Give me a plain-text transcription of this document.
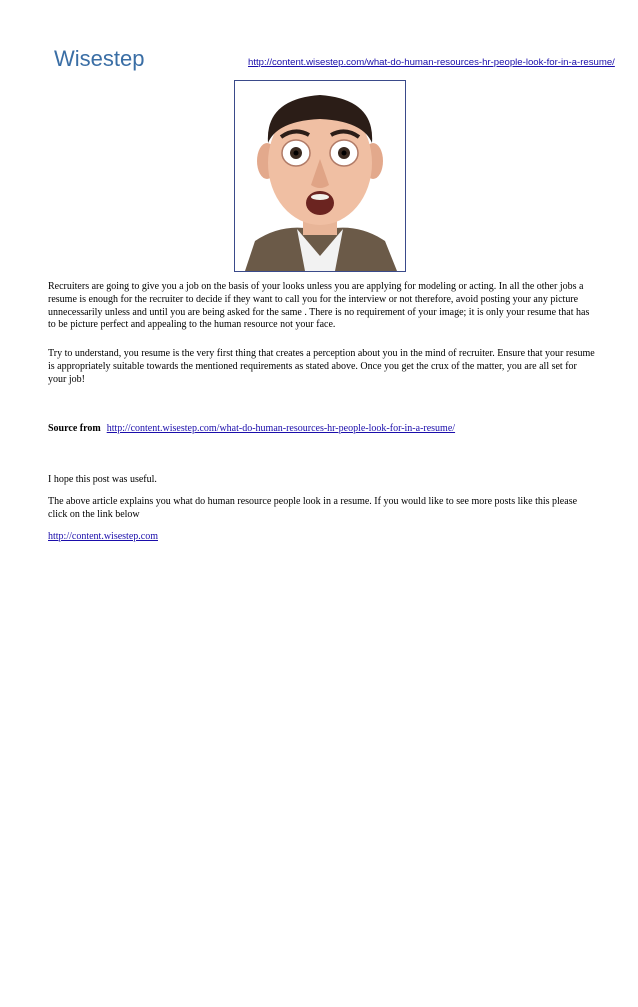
Wisestep	http://content.wisestep.com/what-do-human-resources-hr-people-look-for-in-a-resume/

Recruiters are going to give you a job on the basis of your looks unless you are applying for modeling or acting. In all the other jobs a resume is enough for the recruiter to decide if they want to call you for the interview or not therefore, avoid posting your any picture unnecessarily unless and until you are being asked for the same . There is no requirement of your image; it is only your resume that has to be picture perfect and appealing to the human resource not your face.

Try to understand, you resume is the very first thing that creates a perception about you in the mind of recruiter. Ensure that your resume is appropriately suitable towards the mentioned requirements as stated above. Once you get the crux of the matter, you are all set for your job!

Source from http://content.wisestep.com/what-do-human-resources-hr-people-look-for-in-a-resume/

I hope this post was useful.

The above article explains you what do human resource people look in a resume. If you would like to see more posts like this please click on the link below

http://content.wisestep.com
